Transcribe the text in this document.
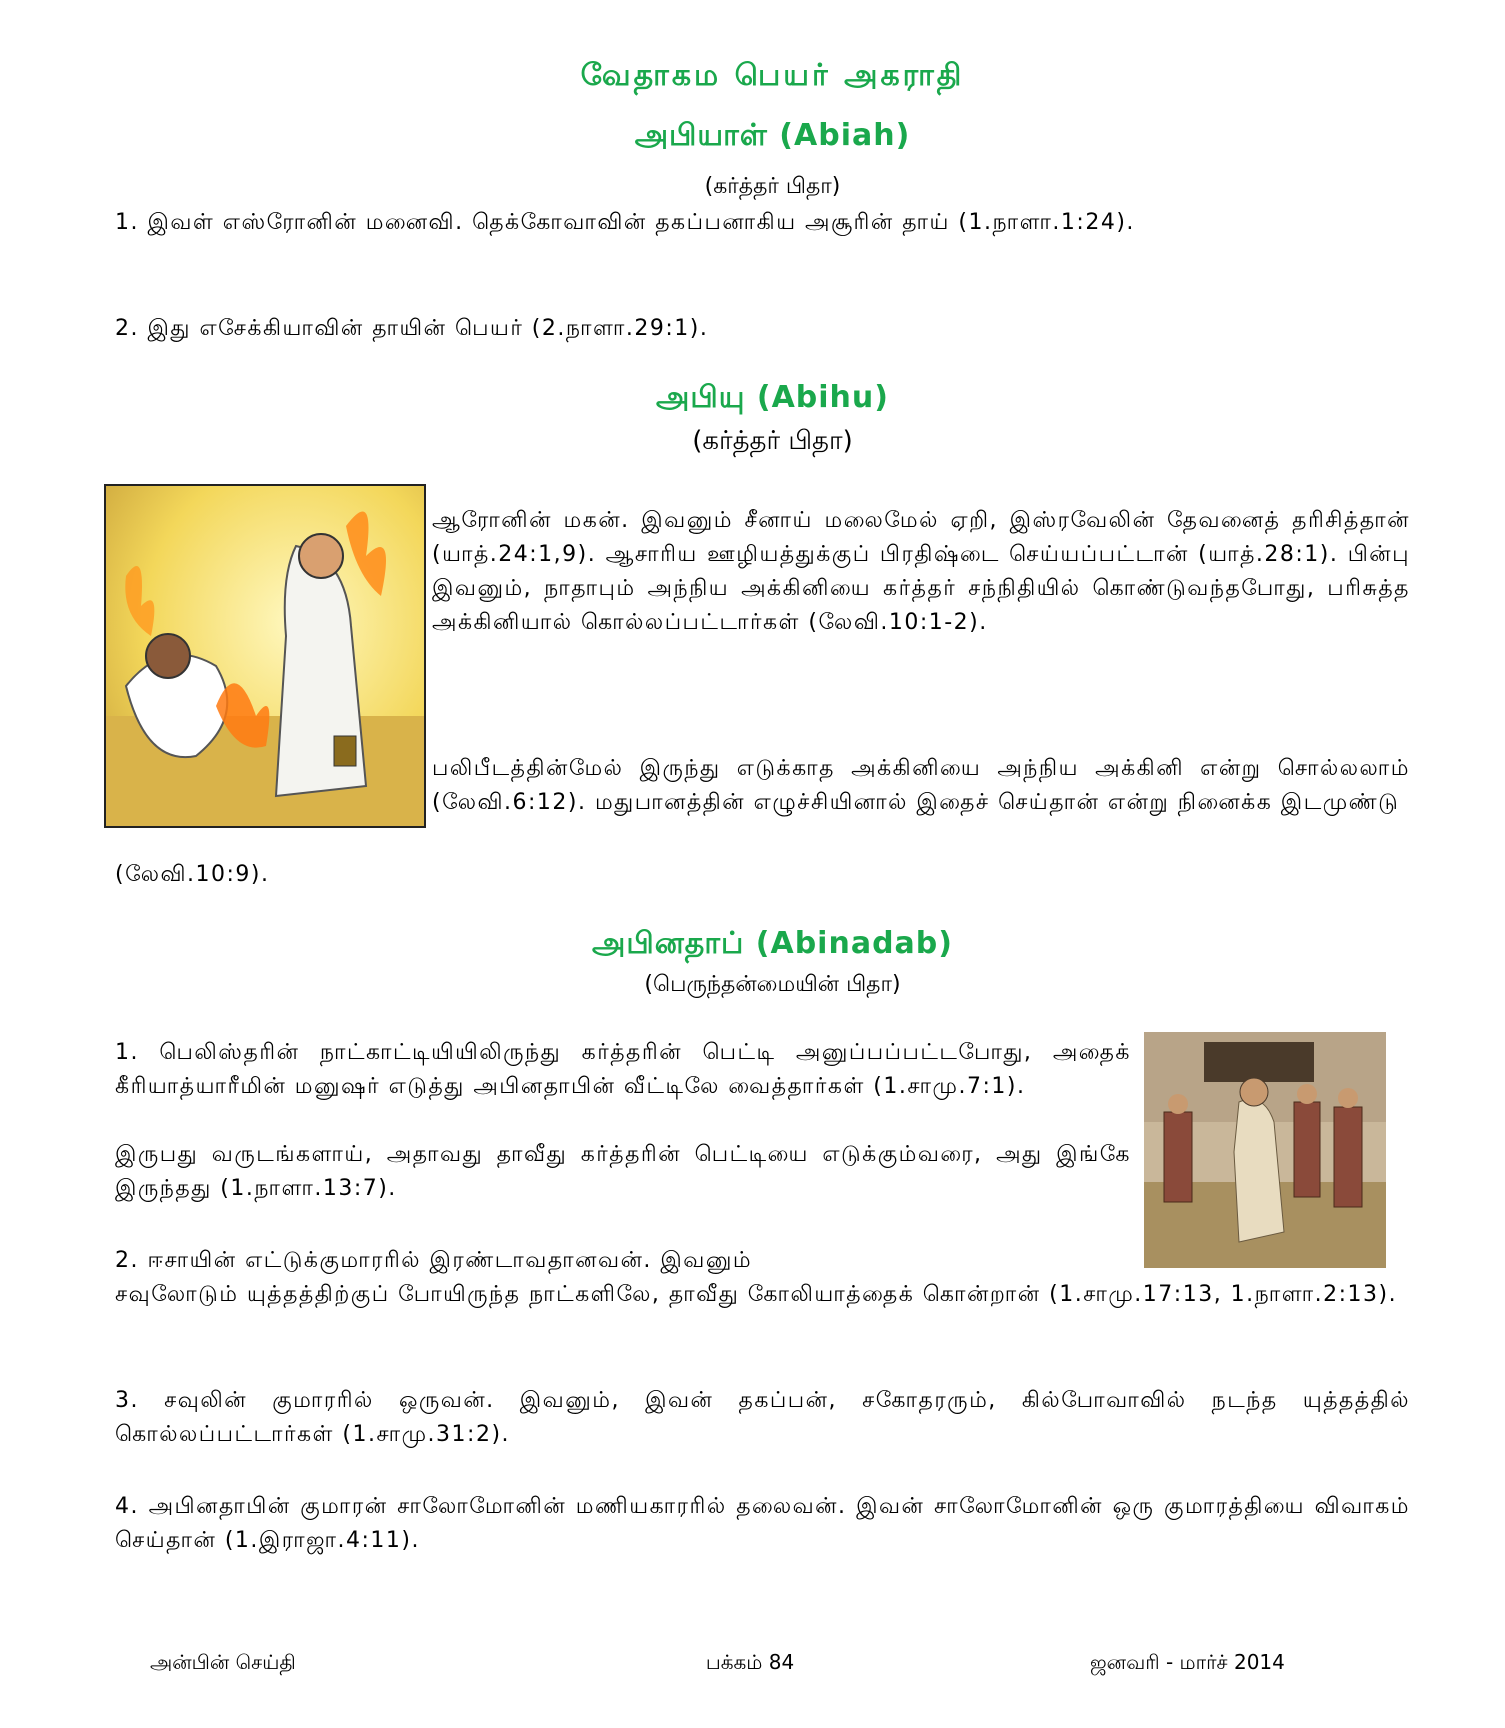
வேதாகம பெயர் அகராதி
அபியாள் (Abiah)
(கர்த்தர் பிதா)

1. இவள் எஸ்ரோனின் மனைவி. தெக்கோவாவின் தகப்பனாகிய அசூரின் தாய் (1.நாளா.1:24).

2. இது எசேக்கியாவின் தாயின் பெயர் (2.நாளா.29:1).

அபியு (Abihu)
(கர்த்தர் பிதா)

ஆரோனின் மகன். இவனும் சீனாய் மலைமேல் ஏறி, இஸ்ரவேலின் தேவனைத் தரிசித்தான் (யாத்.24:1,9). ஆசாரிய ஊழியத்துக்குப் பிரதிஷ்டை செய்யப்பட்டான் (யாத்.28:1). பின்பு இவனும், நாதாபும் அந்நிய அக்கினியை கர்த்தர் சந்நிதியில் கொண்டுவந்தபோது, பரிசுத்த அக்கினியால் கொல்லப்பட்டார்கள் (லேவி.10:1-2).

பலிபீடத்தின்மேல் இருந்து எடுக்காத அக்கினியை அந்நிய அக்கினி என்று சொல்லலாம் (லேவி.6:12). மதுபானத்தின் எழுச்சியினால் இதைச் செய்தான் என்று நினைக்க இடமுண்டு

(லேவி.10:9).

அபினதாப் (Abinadab)
(பெருந்தன்மையின் பிதா)

1. பெலிஸ்தரின் நாட்காட்டியியிலிருந்து கர்த்தரின் பெட்டி அனுப்பப்பட்டபோது, அதைக் கீரியாத்யாரீமின் மனுஷர் எடுத்து அபினதாபின் வீட்டிலே வைத்தார்கள் (1.சாமு.7:1).

இருபது வருடங்களாய், அதாவது தாவீது கர்த்தரின் பெட்டியை எடுக்கும்வரை, அது இங்கே இருந்தது (1.நாளா.13:7).

2. ஈசாயின் எட்டுக்குமாரரில் இரண்டாவதானவன். இவனும்

சவுலோடும் யுத்தத்திற்குப் போயிருந்த நாட்களிலே, தாவீது கோலியாத்தைக் கொன்றான் (1.சாமு.17:13, 1.நாளா.2:13).

3. சவுலின் குமாரரில் ஒருவன். இவனும், இவன் தகப்பன், சகோதரரும், கில்போவாவில் நடந்த யுத்தத்தில் கொல்லப்பட்டார்கள் (1.சாமு.31:2).

4. அபினதாபின் குமாரன் சாலோமோனின் மணியகாரரில் தலைவன். இவன் சாலோமோனின் ஒரு குமாரத்தியை விவாகம் செய்தான் (1.இராஜா.4:11).

அன்பின் செய்தி	பக்கம் 84	ஜனவரி - மார்ச் 2014
